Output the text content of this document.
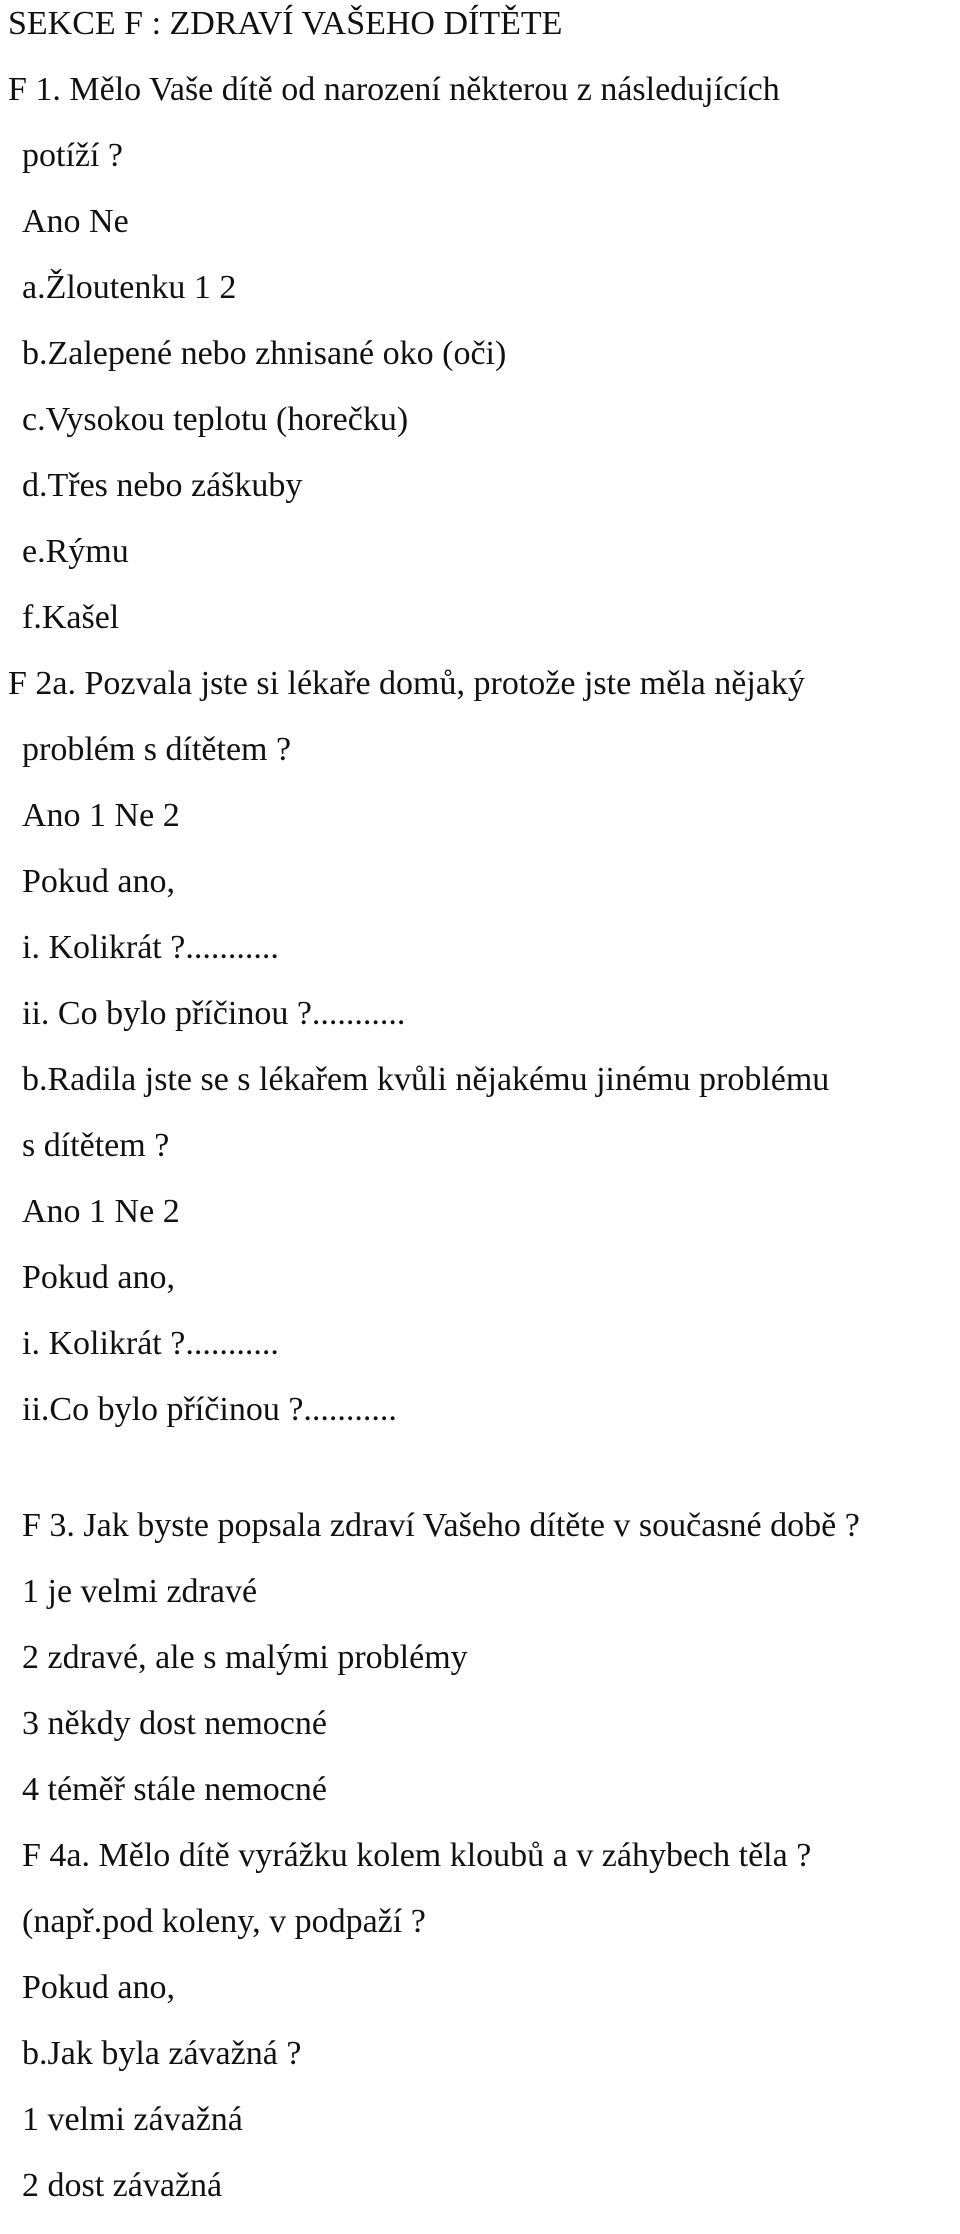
SEKCE F : ZDRAVÍ VAŠEHO DÍTĚTE

F 1. Mělo Vaše dítě od narození některou z následujících

potíží ?

Ano Ne

a.Žloutenku 1 2

b.Zalepené nebo zhnisané oko (oči)

c.Vysokou teplotu (horečku)

d.Třes nebo záškuby

e.Rýmu

f.Kašel

F 2a. Pozvala jste si lékaře domů, protože jste měla nějaký

problém s dítětem ?

Ano 1 Ne 2

Pokud ano,

i. Kolikrát ?...........

ii. Co bylo příčinou ?...........

b.Radila jste se s lékařem kvůli nějakému jinému problému

s dítětem ?

Ano 1 Ne 2

Pokud ano,

i. Kolikrát ?...........

ii.Co bylo příčinou ?...........

F 3. Jak byste popsala zdraví Vašeho dítěte v současné době ?

1 je velmi zdravé

2 zdravé, ale s malými problémy

3 někdy dost nemocné

4 téměř stále nemocné

F 4a. Mělo dítě vyrážku kolem kloubů a v záhybech těla ?

(např.pod koleny, v podpaží ?

Pokud ano,

b.Jak byla závažná ?

1 velmi závažná

2 dost závažná
